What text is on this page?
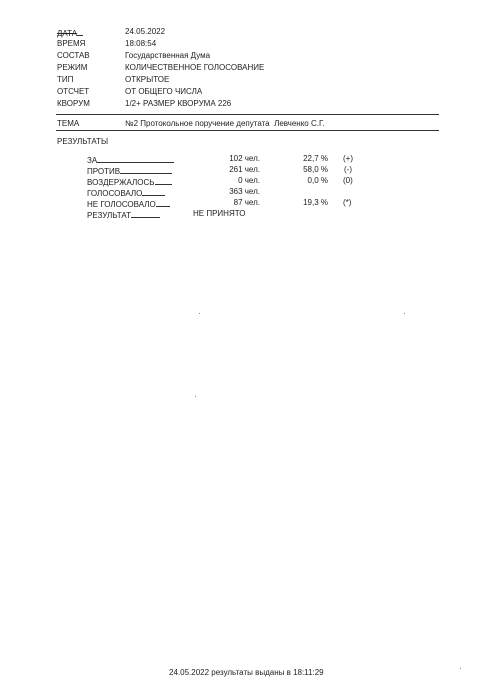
ДАТА	24.05.2022
ВРЕМЯ	18:08:54
СОСТАВ	Государственная Дума
РЕЖИМ	КОЛИЧЕСТВЕННОЕ ГОЛОСОВАНИЕ
ТИП	ОТКРЫТОЕ
ОТСЧЕТ	ОТ ОБЩЕГО ЧИСЛА
КВОРУМ	1/2+ РАЗМЕР КВОРУМА 226
ТЕМА	№2 Протокольное поручение депутата  Левченко С.Г.
РЕЗУЛЬТАТЫ
ЗА	102 чел.	22,7 % (+)
ПРОТИВ	261 чел.	58,0 % (-)
ВОЗДЕРЖАЛОСЬ	0 чел.	0,0 % (0)
ГОЛОСОВАЛО	363 чел.
НЕ ГОЛОСОВАЛО	87 чел.	19,3 % (*)
РЕЗУЛЬТАТ	НЕ ПРИНЯТО
24.05.2022 результаты выданы в 18:11:29
